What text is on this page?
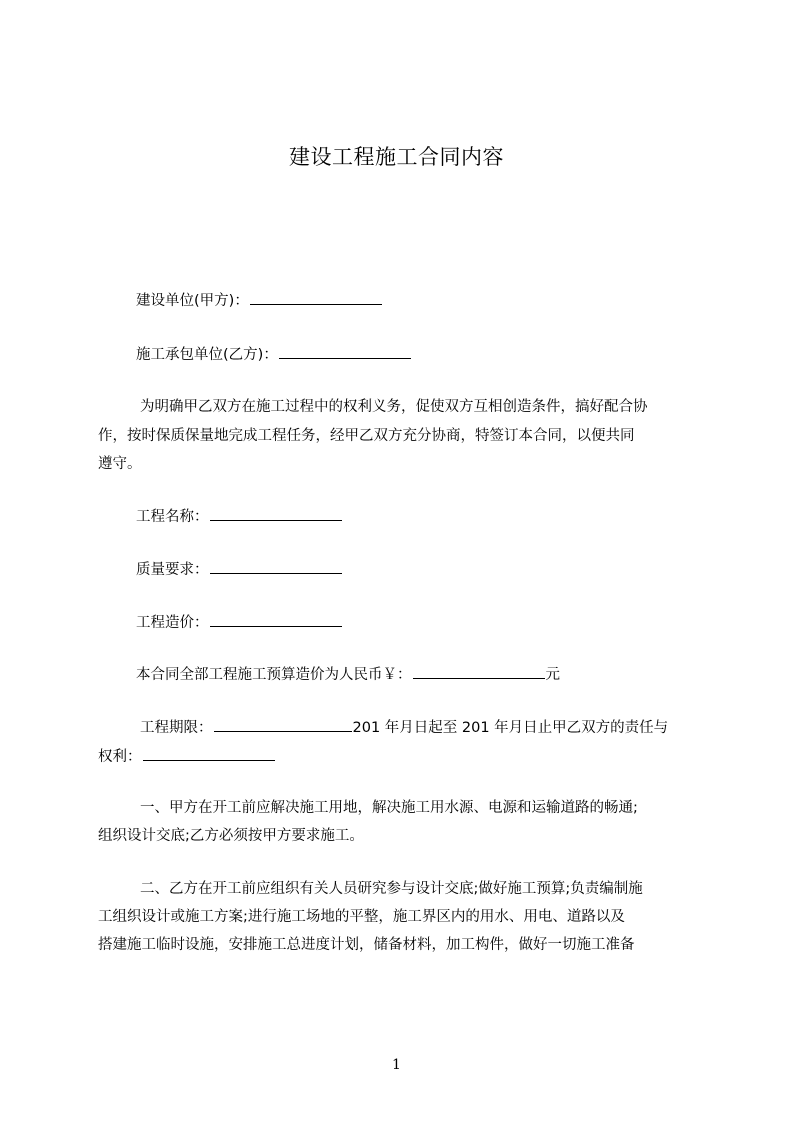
建设工程施工合同内容
建设单位(甲方)：
施工承包单位(乙方)：
为明确甲乙双方在施工过程中的权利义务，促使双方互相创造条件，搞好配合协
作，按时保质保量地完成工程任务，经甲乙双方充分协商，特签订本合同，以便共同
遵守。
工程名称：
质量要求：
工程造价：
本合同全部工程施工预算造价为人民币￥：	元
工程期限：	201 年月日起至 201 年月日止甲乙双方的责任与
权利：
一、甲方在开工前应解决施工用地，解决施工用水源、电源和运输道路的畅通;
组织设计交底;乙方必须按甲方要求施工。
二、乙方在开工前应组织有关人员研究参与设计交底;做好施工预算;负责编制施
工组织设计或施工方案;进行施工场地的平整，施工界区内的用水、用电、道路以及
搭建施工临时设施，安排施工总进度计划，储备材料，加工构件，做好一切施工准备
1
